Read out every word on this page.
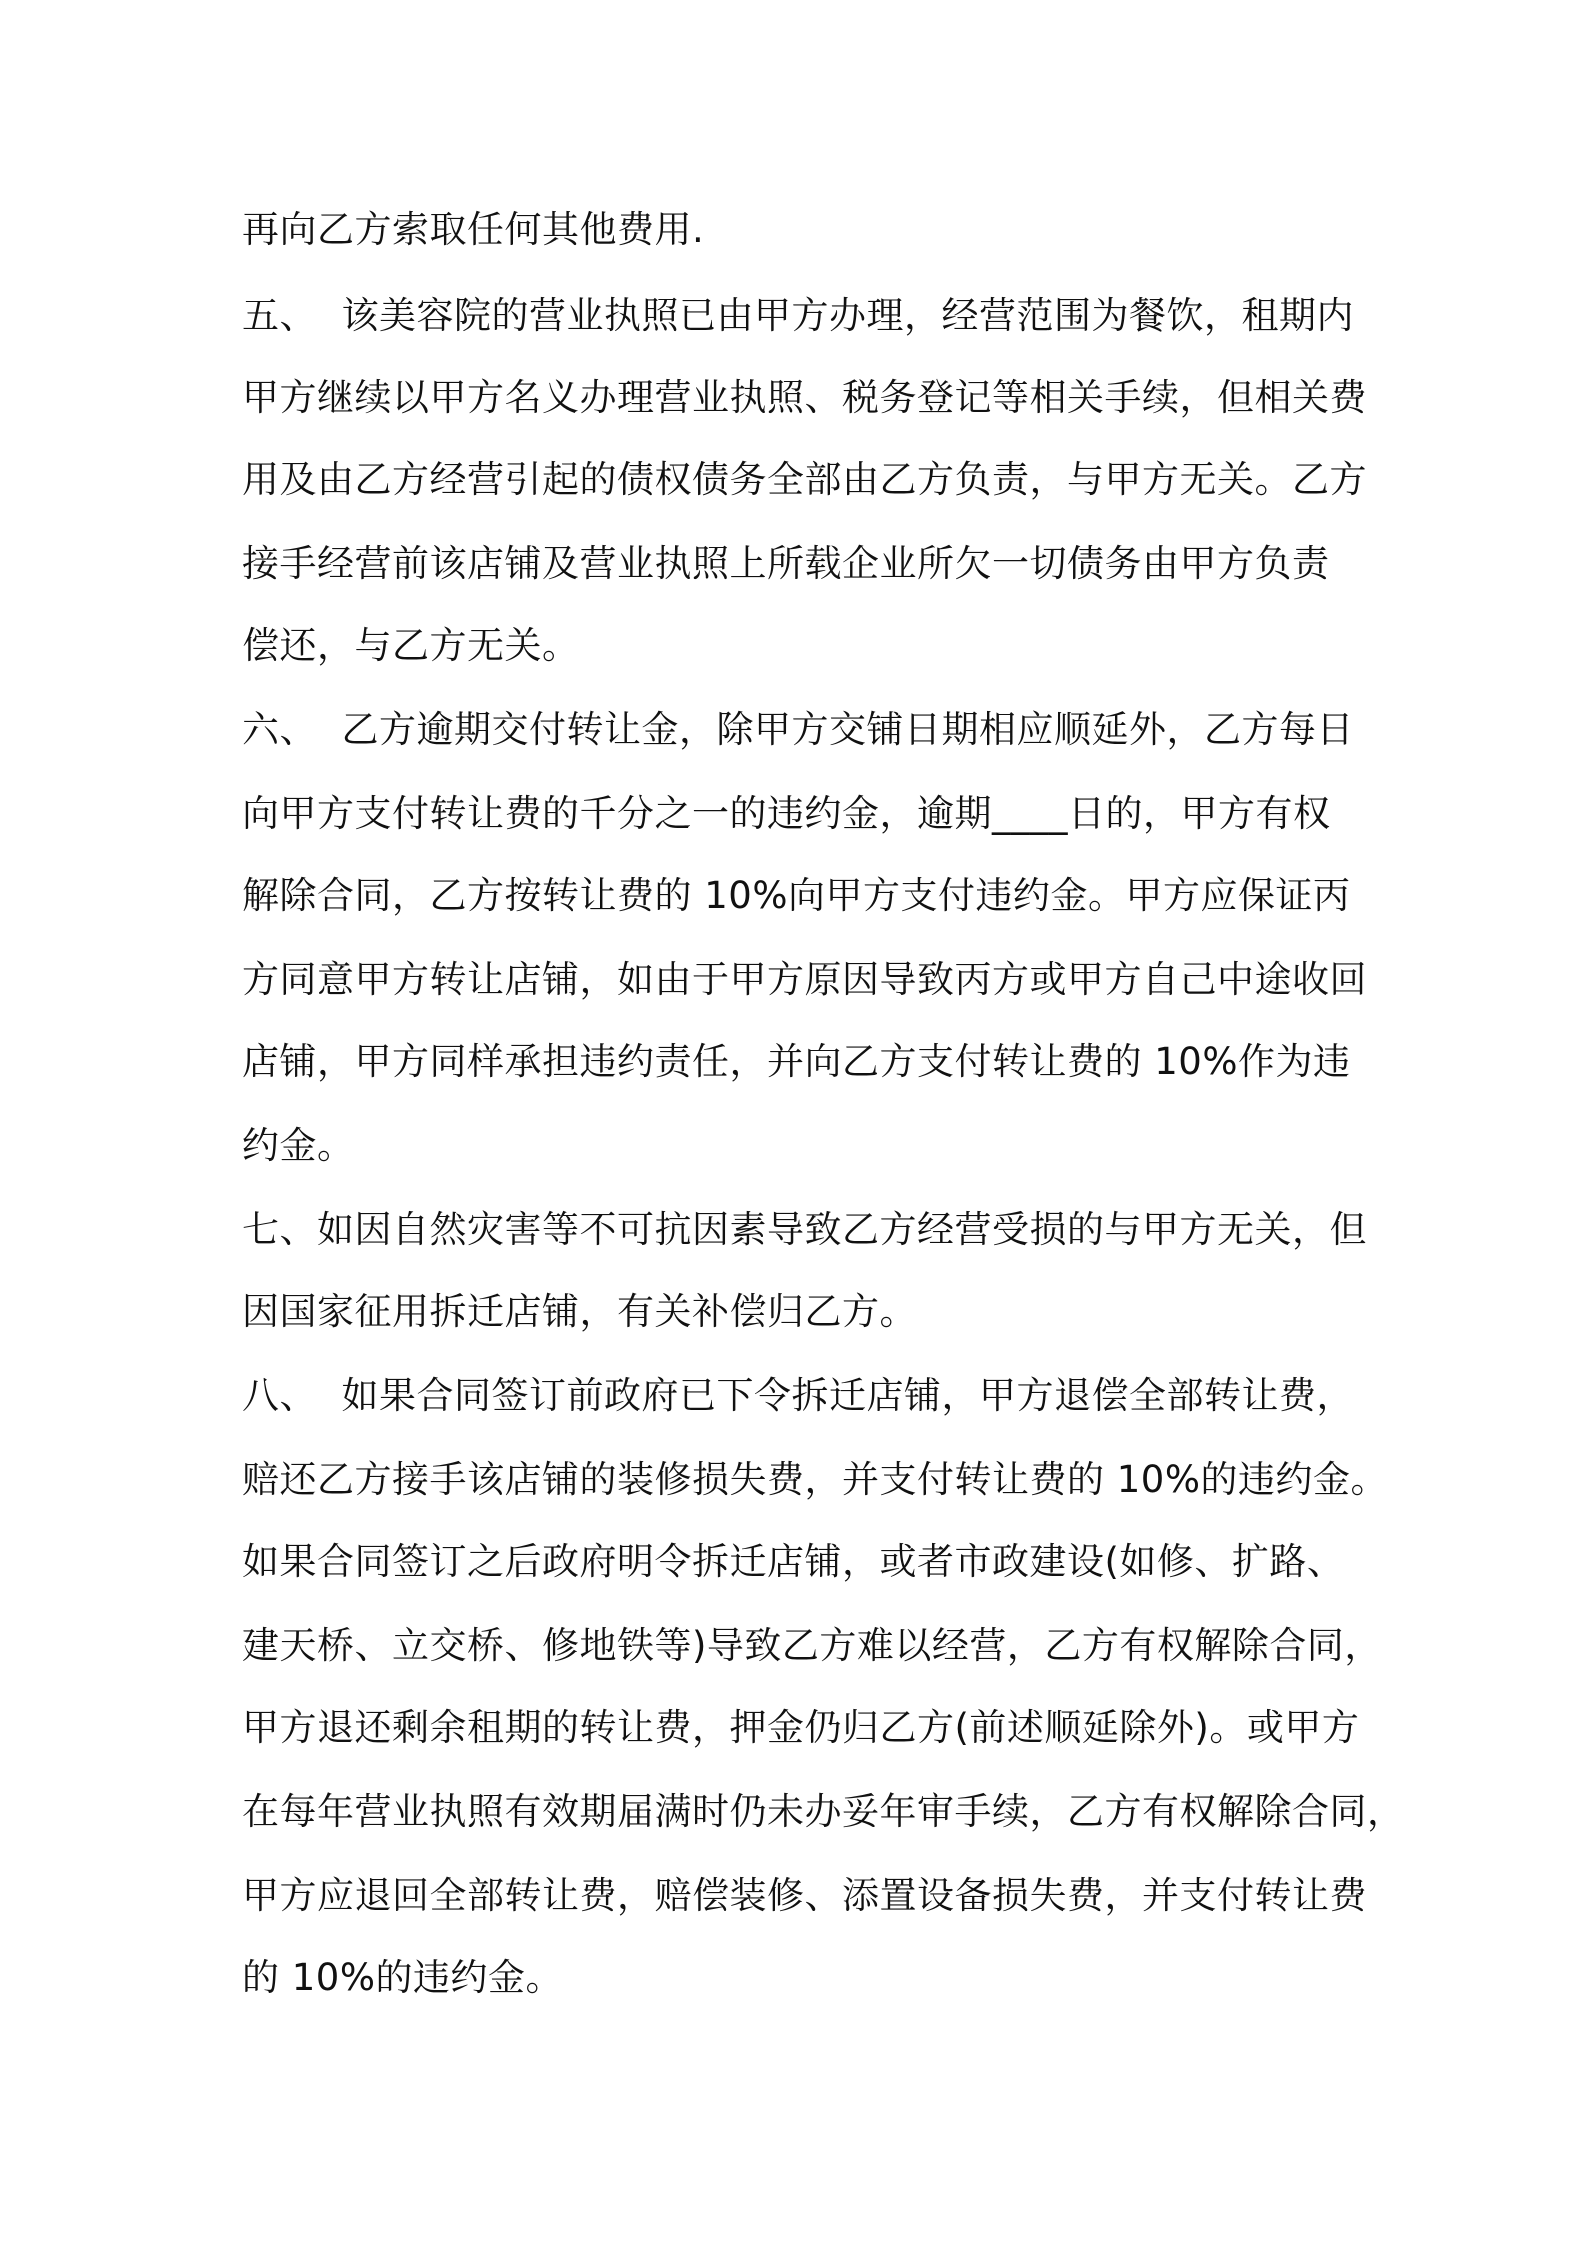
再向乙方索取任何其他费用.
五、  该美容院的营业执照已由甲方办理，经营范围为餐饮，租期内
甲方继续以甲方名义办理营业执照、税务登记等相关手续，但相关费
用及由乙方经营引起的债权债务全部由乙方负责，与甲方无关。乙方
接手经营前该店铺及营业执照上所载企业所欠一切债务由甲方负责
偿还，与乙方无关。
六、  乙方逾期交付转让金，除甲方交铺日期相应顺延外，乙方每日
向甲方支付转让费的千分之一的违约金，逾期____日的，甲方有权
解除合同，乙方按转让费的 10%向甲方支付违约金。甲方应保证丙
方同意甲方转让店铺，如由于甲方原因导致丙方或甲方自己中途收回
店铺，甲方同样承担违约责任，并向乙方支付转让费的 10%作为违
约金。
七、如因自然灾害等不可抗因素导致乙方经营受损的与甲方无关，但
因国家征用拆迁店铺，有关补偿归乙方。
八、  如果合同签订前政府已下令拆迁店铺，甲方退偿全部转让费，
赔还乙方接手该店铺的装修损失费，并支付转让费的 10%的违约金。
如果合同签订之后政府明令拆迁店铺，或者市政建设(如修、扩路、
建天桥、立交桥、修地铁等)导致乙方难以经营，乙方有权解除合同，
甲方退还剩余租期的转让费，押金仍归乙方(前述顺延除外)。或甲方
在每年营业执照有效期届满时仍未办妥年审手续，乙方有权解除合同，
甲方应退回全部转让费，赔偿装修、添置设备损失费，并支付转让费
的 10%的违约金。
